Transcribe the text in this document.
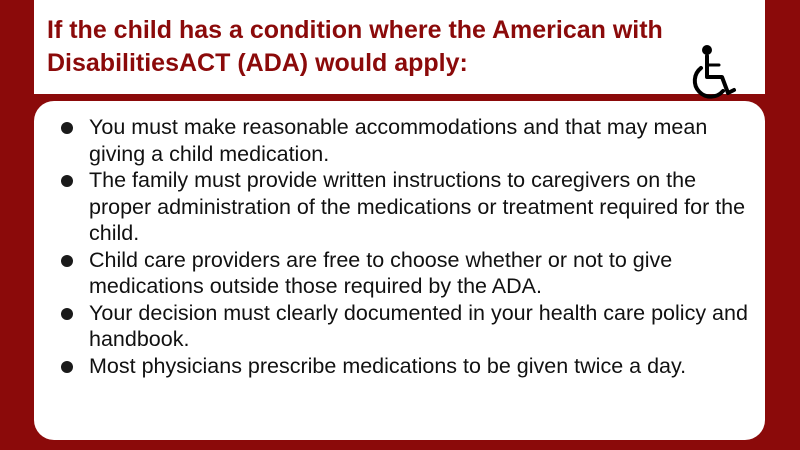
If the child has a condition where the American with DisabilitiesACT (ADA) would apply:
You must make reasonable accommodations and that may mean giving a child medication.
The family must provide written instructions to caregivers on the proper administration of the medications or treatment required for the child.
Child care providers are free to choose whether or not to give medications outside those required by the ADA.
Your decision must clearly documented in your health care policy and handbook.
Most physicians prescribe medications to be given twice a day.
